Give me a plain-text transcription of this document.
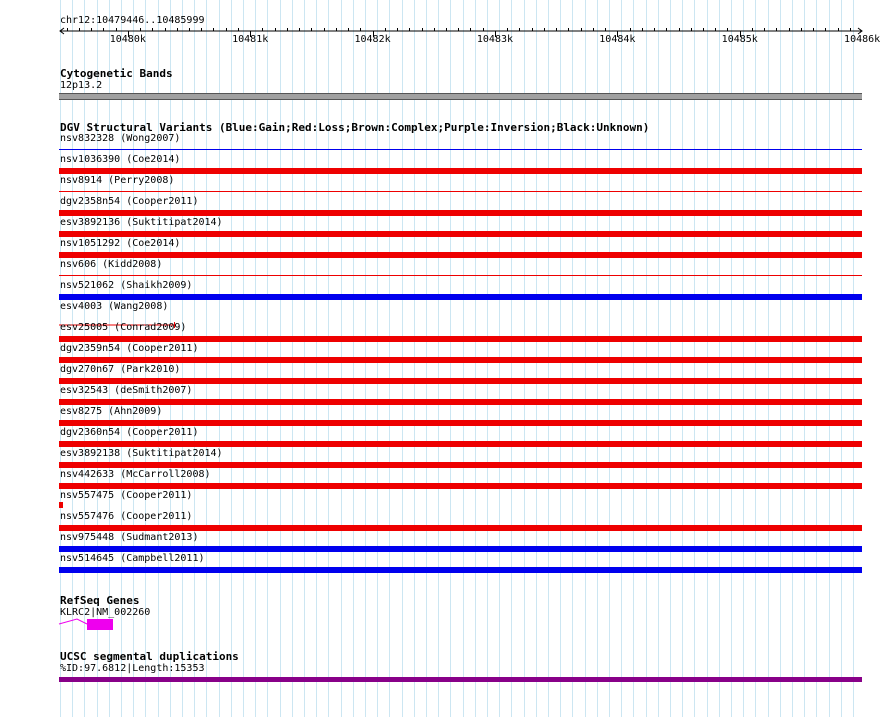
chr12:10479446..10485999
10480k	10481k	10482k	10483k	10484k	10485k	10486k
Cytogenetic Bands
12p13.2
DGV Structural Variants (Blue:Gain;Red:Loss;Brown:Complex;Purple:Inversion;Black:Unknown)
nsv832328 (Wong2007)
nsv1036390 (Coe2014)
nsv8914 (Perry2008)
dgv2358n54 (Cooper2011)
esv3892136 (Suktitipat2014)
nsv1051292 (Coe2014)
nsv606 (Kidd2008)
nsv521062 (Shaikh2009)
esv4003 (Wang2008)
esv25005 (Conrad2009)
dgv2359n54 (Cooper2011)
dgv270n67 (Park2010)
esv32543 (deSmith2007)
esv8275 (Ahn2009)
dgv2360n54 (Cooper2011)
esv3892138 (Suktitipat2014)
nsv442633 (McCarroll2008)
nsv557475 (Cooper2011)
nsv557476 (Cooper2011)
nsv975448 (Sudmant2013)
nsv514645 (Campbell2011)
RefSeq Genes
KLRC2|NM_002260
UCSC segmental duplications
%ID:97.6812|Length:15353
